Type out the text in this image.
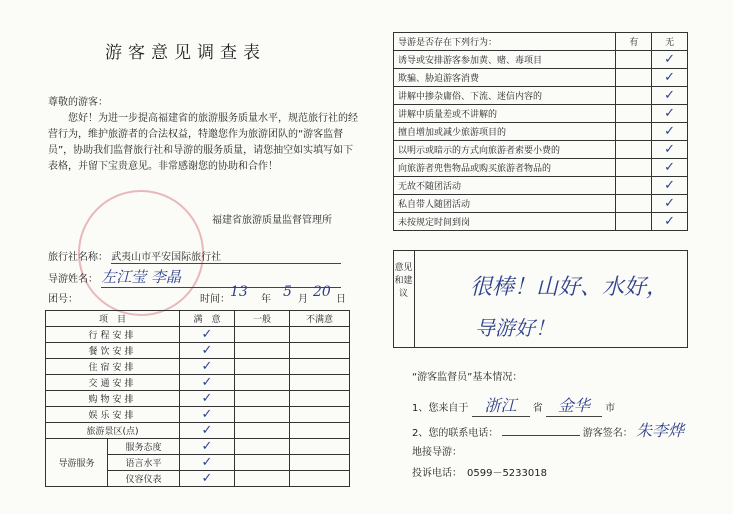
游客意见调查表
尊敬的游客：
您好！为进一步提高福建省的旅游服务质量水平，规范旅行社的经营行为，维护旅游者的合法权益，特邀您作为旅游团队的“游客监督员”，协助我们监督旅行社和导游的服务质量，请您抽空如实填写如下表格，并留下宝贵意见。非常感谢您的协助和合作！
福建省旅游质量监督管理所
旅行社名称： 武夷山市平安国际旅行社
导游姓名： 左江莹 李晶
团号：	时间： 13 年 5 月 20 日
项　目		满　意	一般	不满意
行程安排		✓		
餐饮安排		✓		
住宿安排		✓		
交通安排		✓		
购物安排		✓		
娱乐安排		✓		
旅游景区(点)		✓		
导游服务	服务态度	✓		
	语言水平	✓		
	仪容仪表	✓		
导游是否存在下列行为：	有	无
诱导或安排游客参加黄、赌、毒项目		✓
欺骗、胁迫游客消费		✓
讲解中掺杂庸俗、下流、迷信内容的		✓
讲解中质量差或不讲解的		✓
擅自增加或减少旅游项目的		✓
以明示或暗示的方式向旅游者索要小费的		✓
向旅游者兜售物品或购买旅游者物品的		✓
无故不随团活动		✓
私自带人随团活动		✓
未按规定时间到岗		✓
意见和建议	很棒！山好、水好，
导游好！
“游客监督员”基本情况：
1、您来自于 浙江 省 金华 市
2、您的联系电话：	游客签名： 朱李烨
地接导游：
投诉电话：　0599－5233018
